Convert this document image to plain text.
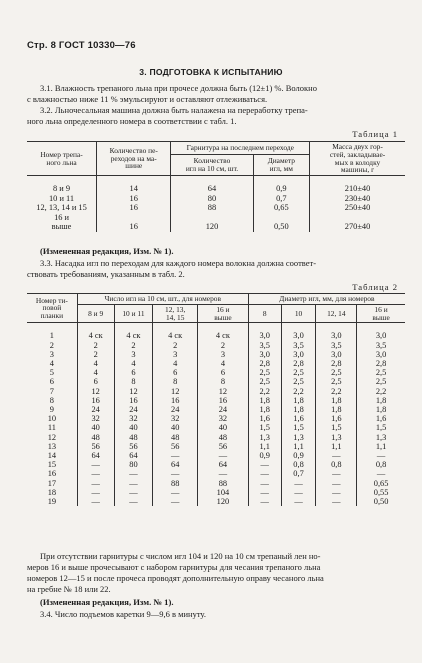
Стр. 8 ГОСТ 10330—76
3. ПОДГОТОВКА К ИСПЫТАНИЮ
3.1. Влажность трепаного льна при прочесе должна быть (12±1) %. Волокно
с влажностью ниже 11 % эмульсируют и оставляют отлеживаться.
3.2. Льночесальная машина должна быть налажена на переработку трепа-
ного льна определенного номера в соответствии с табл. 1.
Таблица 1
Номер трепа-
ного льна	Количество пе-
реходов на ма-
шине	Гарнитура на последнем переходе		Масса двух гор-
стей, закладывае-
мых в колодку
машины, г
		Количество
игл на 10 см, шт.	Диаметр
игл, мм	
8 и 9	14	64	0,9	210±40
10 и 11	16	80	0,7	230±40
12, 13, 14 и 15	16	88	0,65	250±40
16 и				
выше	16	120	0,50	270±40
(Измененная редакция, Изм. № 1).
3.3. Насадка игл по переходам для каждого номера волокна должна соответ-
ствовать требованиям, указанным в табл. 2.
Таблица 2
Номер ти-
повой
планки	Число игл на 10 см, шт., для номеров				Диаметр игл, мм, для номеров			
	8 и 9	10 и 11	12, 13,
14, 15	16 и
выше	8	10	12, 14	16 и
выше
1	4 ск	4 ск	4 ск	4 ск	3,0	3,0	3,0	3,0
2	2	2	2	2	3,5	3,5	3,5	3,5
3	2	3	3	3	3,0	3,0	3,0	3,0
4	4	4	4	4	2,8	2,8	2,8	2,8
5	4	6	6	6	2,5	2,5	2,5	2,5
6	6	8	8	8	2,5	2,5	2,5	2,5
7	12	12	12	12	2,2	2,2	2,2	2,2
8	16	16	16	16	1,8	1,8	1,8	1,8
9	24	24	24	24	1,8	1,8	1,8	1,8
10	32	32	32	32	1,6	1,6	1,6	1,6
11	40	40	40	40	1,5	1,5	1,5	1,5
12	48	48	48	48	1,3	1,3	1,3	1,3
13	56	56	56	56	1,1	1,1	1,1	1,1
14	64	64	—	—	0,9	0,9	—	—
15	—	80	64	64	—	0,8	0,8	0,8
16	—	—	—	—	—	0,7	—	—
17	—	—	88	88	—	—	—	0,65
18	—	—	—	104	—	—	—	0,55
19	—	—	—	120	—	—	—	0,50
При отсутствии гарнитуры с числом игл 104 и 120 на 10 см трепаный лен но-
меров 16 и выше прочесывают с набором гарнитуры для чесания трепаного льна
номеров 12—15 и после прочеса проводят дополнительную оправу чесаного льна
на гребне № 18 или 22.
(Измененная редакция, Изм. № 1).
3.4. Число подъемов каретки 9—9,6 в минуту.
